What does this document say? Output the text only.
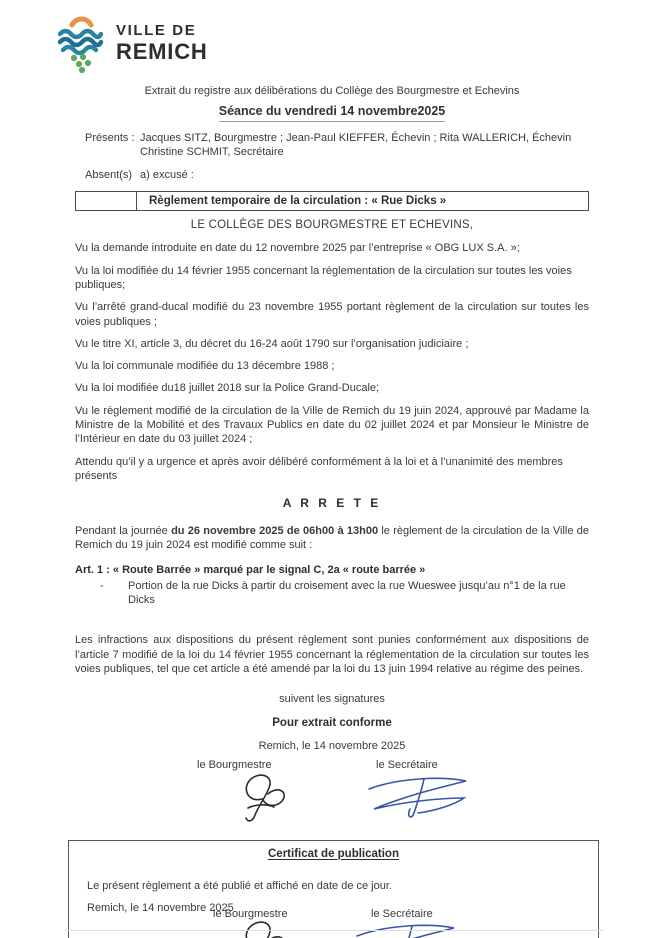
VILLE DE
REMICH
Extrait du registre aux délibérations du Collège des Bourgmestre et Echevins
Séance du vendredi 14 novembre2025
Présents : Jacques SITZ, Bourgmestre ; Jean-Paul KIEFFER, Échevin ; Rita WALLERICH, Échevin
Christine SCHMIT, Secrétaire
Absent(s) a) excusé :
Règlement temporaire de la circulation : « Rue Dicks »
LE COLLÈGE DES BOURGMESTRE ET ECHEVINS,

Vu la demande introduite en date du 12 novembre 2025 par l’entreprise « OBG LUX S.A. »;

Vu la loi modifiée du 14 février 1955 concernant la réglementation de la circulation sur toutes les voies publiques;

Vu l’arrêté grand-ducal modifié du 23 novembre 1955 portant règlement de la circulation sur toutes les voies publiques ;

Vu le titre XI, article 3, du décret du 16-24 août 1790 sur l’organisation judiciaire ;

Vu la loi communale modifiée du 13 décembre 1988 ;

Vu la loi modifiée du18 juillet 2018 sur la Police Grand-Ducale;

Vu le règlement modifié de la circulation de la Ville de Remich du 19 juin 2024, approuvé par Madame la Ministre de la Mobilité et des Travaux Publics en date du 02 juillet 2024 et par Monsieur le Ministre de l’Intérieur en date du 03 juillet 2024 ;

Attendu qu’il y a urgence et après avoir délibéré conformément à la loi et à l’unanimité des membres présents

A R R E T E

Pendant la journée du 26 novembre 2025 de 06h00 à 13h00 le règlement de la circulation de la Ville de Remich du 19 juin 2024 est modifié comme suit :

Art. 1 : « Route Barrée » marqué par le signal C, 2a « route barrée »
-	Portion de la rue Dicks à partir du croisement avec la rue Wueswee jusqu’au n°1 de la rue Dicks

Les infractions aux dispositions du présent règlement sont punies conformément aux dispositions de l’article 7 modifié de la loi du 14 février 1955 concernant la réglementation de la circulation sur toutes les voies publiques, tel que cet article a été amendé par la loi du 13 juin 1994 relative au régime des peines.

suivent les signatures
Pour extrait conforme
Remich, le 14 novembre 2025
le Bourgmestre	le Secrétaire
Certificat de publication
Le présent règlement a été publié et affiché en date de ce jour.
Remich, le 14 novembre 2025
le Bourgmestre	le Secrétaire
